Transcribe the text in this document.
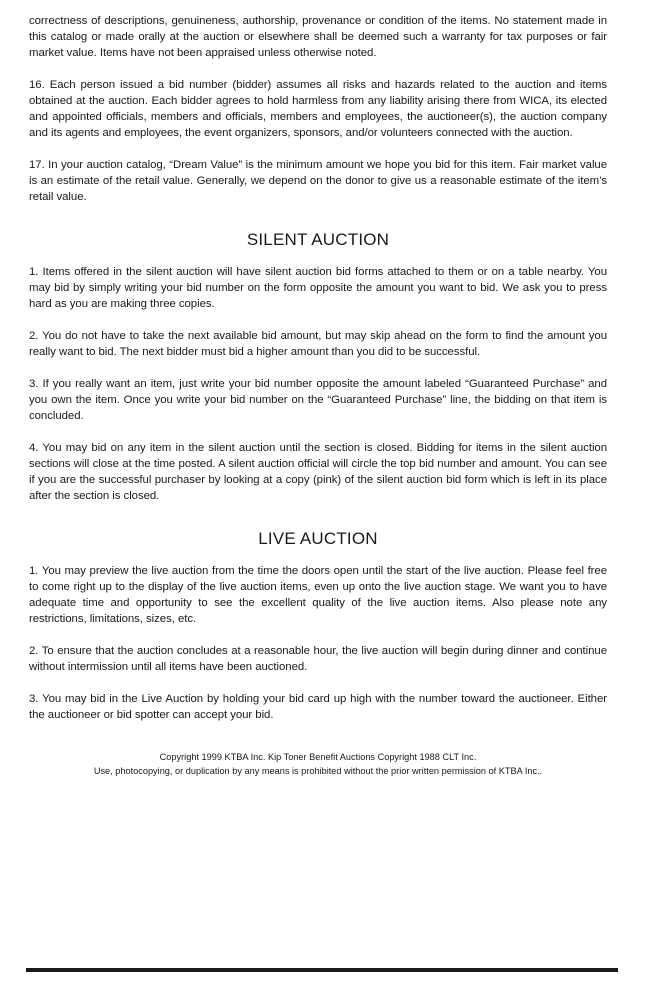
correctness of descriptions, genuineness, authorship, provenance or condition of the items. No statement made in this catalog or made orally at the auction or elsewhere shall be deemed such a warranty for tax purposes or fair market value. Items have not been appraised unless otherwise noted.

16. Each person issued a bid number (bidder) assumes all risks and hazards related to the auction and items obtained at the auction. Each bidder agrees to hold harmless from any liability arising there from WICA, its elected and appointed officials, members and officials, members and employees, the auctioneer(s), the auction company and its agents and employees, the event organizers, sponsors, and/or volunteers connected with the auction.

17. In your auction catalog, “Dream Value” is the minimum amount we hope you bid for this item. Fair market value is an estimate of the retail value. Generally, we depend on the donor to give us a reasonable estimate of the item’s retail value.

SILENT AUCTION

1. Items offered in the silent auction will have silent auction bid forms attached to them or on a table nearby. You may bid by simply writing your bid number on the form opposite the amount you want to bid. We ask you to press hard as you are making three copies.

2. You do not have to take the next available bid amount, but may skip ahead on the form to find the amount you really want to bid. The next bidder must bid a higher amount than you did to be successful.

3. If you really want an item, just write your bid number opposite the amount labeled “Guaranteed Purchase” and you own the item. Once you write your bid number on the “Guaranteed Purchase” line, the bidding on that item is concluded.

4. You may bid on any item in the silent auction until the section is closed. Bidding for items in the silent auction sections will close at the time posted. A silent auction official will circle the top bid number and amount. You can see if you are the successful purchaser by looking at a copy (pink) of the silent auction bid form which is left in its place after the section is closed.

LIVE AUCTION

1. You may preview the live auction from the time the doors open until the start of the live auction. Please feel free to come right up to the display of the live auction items, even up onto the live auction stage. We want you to have adequate time and opportunity to see the excellent quality of the live auction items. Also please note any restrictions, limitations, sizes, etc.

2. To ensure that the auction concludes at a reasonable hour, the live auction will begin during dinner and continue without intermission until all items have been auctioned.

3. You may bid in the Live Auction by holding your bid card up high with the number toward the auctioneer. Either the auctioneer or bid spotter can accept your bid.

Copyright 1999 KTBA Inc. Kip Toner Benefit Auctions Copyright 1988 CLT Inc.

Use, photocopying, or duplication by any means is prohibited without the prior written permission of KTBA Inc..
